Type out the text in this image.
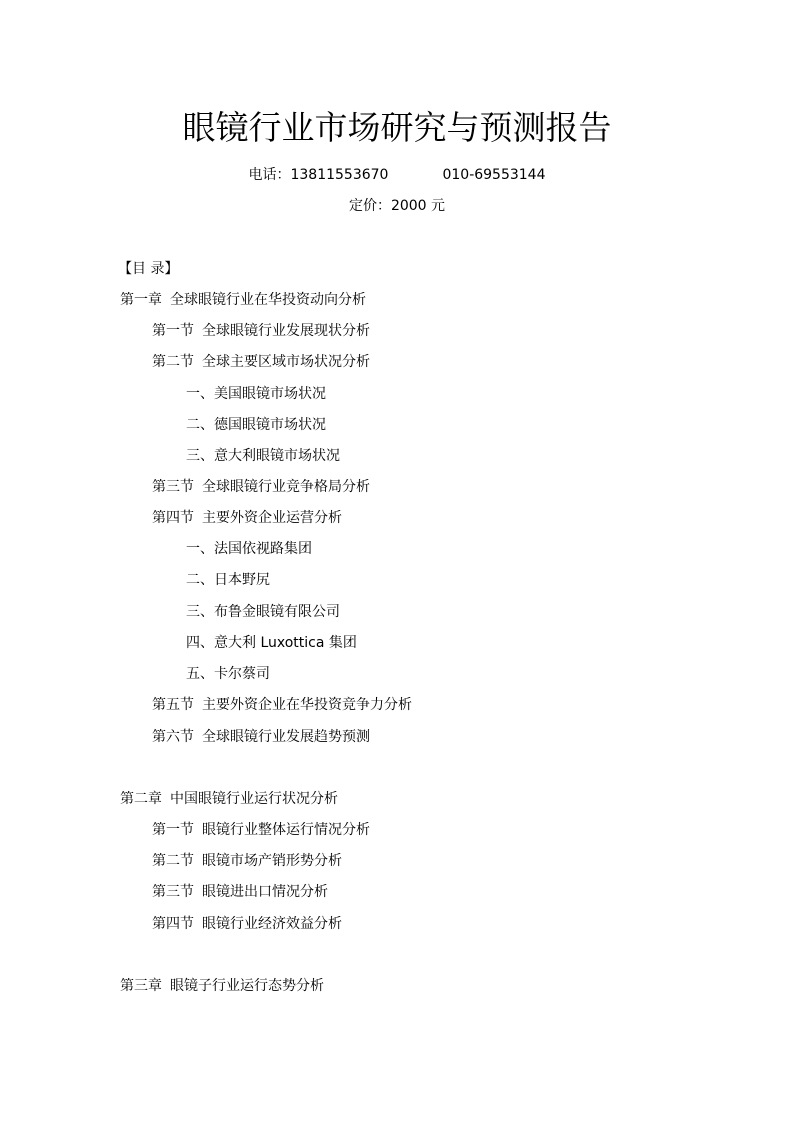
眼镜行业市场研究与预测报告
电话：13811553670	010-69553144
定价：2000 元
【目 录】
第一章 全球眼镜行业在华投资动向分析
第一节 全球眼镜行业发展现状分析
第二节 全球主要区域市场状况分析
一、美国眼镜市场状况
二、德国眼镜市场状况
三、意大利眼镜市场状况
第三节 全球眼镜行业竞争格局分析
第四节 主要外资企业运营分析
一、法国依视路集团
二、日本野尻
三、布鲁金眼镜有限公司
四、意大利 Luxottica 集团
五、卡尔蔡司
第五节 主要外资企业在华投资竞争力分析
第六节 全球眼镜行业发展趋势预测
第二章 中国眼镜行业运行状况分析
第一节 眼镜行业整体运行情况分析
第二节 眼镜市场产销形势分析
第三节 眼镜进出口情况分析
第四节 眼镜行业经济效益分析
第三章 眼镜子行业运行态势分析
